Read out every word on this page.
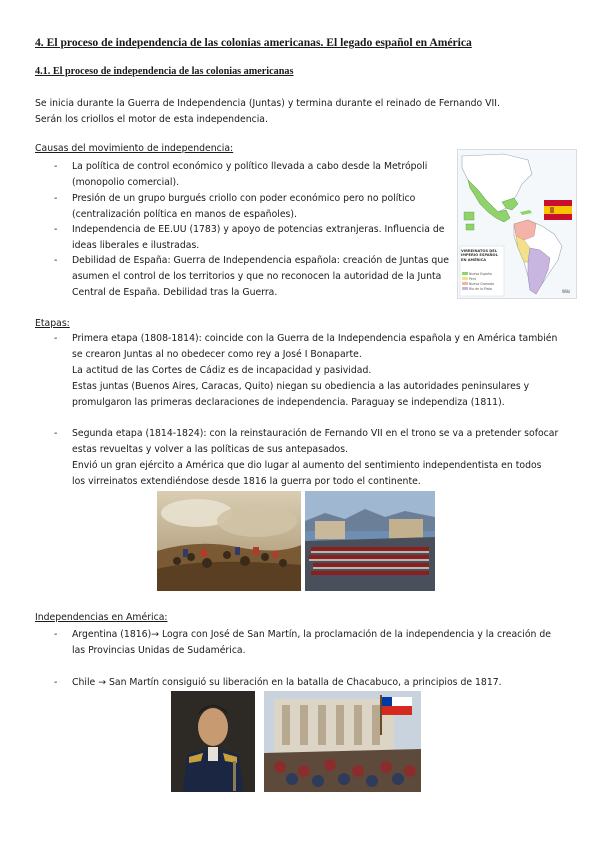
4. El proceso de independencia de las colonias americanas. El legado español en América
4.1. El proceso de independencia de las colonias americanas
Se inicia durante la Guerra de Independencia (Juntas) y termina durante el reinado de Fernando VII.
Serán los criollos el motor de esta independencia.
Causas del movimiento de independencia:
- La política de control económico y político llevada a cabo desde la Metrópoli
(monopolio comercial).
- Presión de un grupo burgués criollo con poder económico pero no político
(centralización política en manos de españoles).
- Independencia de EE.UU (1783) y apoyo de potencias extranjeras. Influencia de
ideas liberales e ilustradas.
- Debilidad de España: Guerra de Independencia española: creación de Juntas que
asumen el control de los territorios y que no reconocen la autoridad de la Junta
Central de España. Debilidad tras la Guerra.
VIRREINATOS DEL IMPERIO ESPAÑOL EN AMÉRICA
Nueva España
Perú
Nueva Granada
Río de la Plata
Wiki
Etapas:
- Primera etapa (1808-1814): coincide con la Guerra de la Independencia española y en América también
se crearon Juntas al no obedecer como rey a José I Bonaparte.
La actitud de las Cortes de Cádiz es de incapacidad y pasividad.
Estas juntas (Buenos Aires, Caracas, Quito) niegan su obediencia a las autoridades peninsulares y
promulgaron las primeras declaraciones de independencia. Paraguay se independiza (1811).
- Segunda etapa (1814-1824): con la reinstauración de Fernando VII en el trono se va a pretender sofocar
estas revueltas y volver a las políticas de sus antepasados.
Envió un gran ejército a América que dio lugar al aumento del sentimiento independentista en todos
los virreinatos extendiéndose desde 1816 la guerra por todo el continente.
Independencias en América:
- Argentina (1816)→ Logra con José de San Martín, la proclamación de la independencia y la creación de
las Provincias Unidas de Sudamérica.
- Chile → San Martín consiguió su liberación en la batalla de Chacabuco, a principios de 1817.
